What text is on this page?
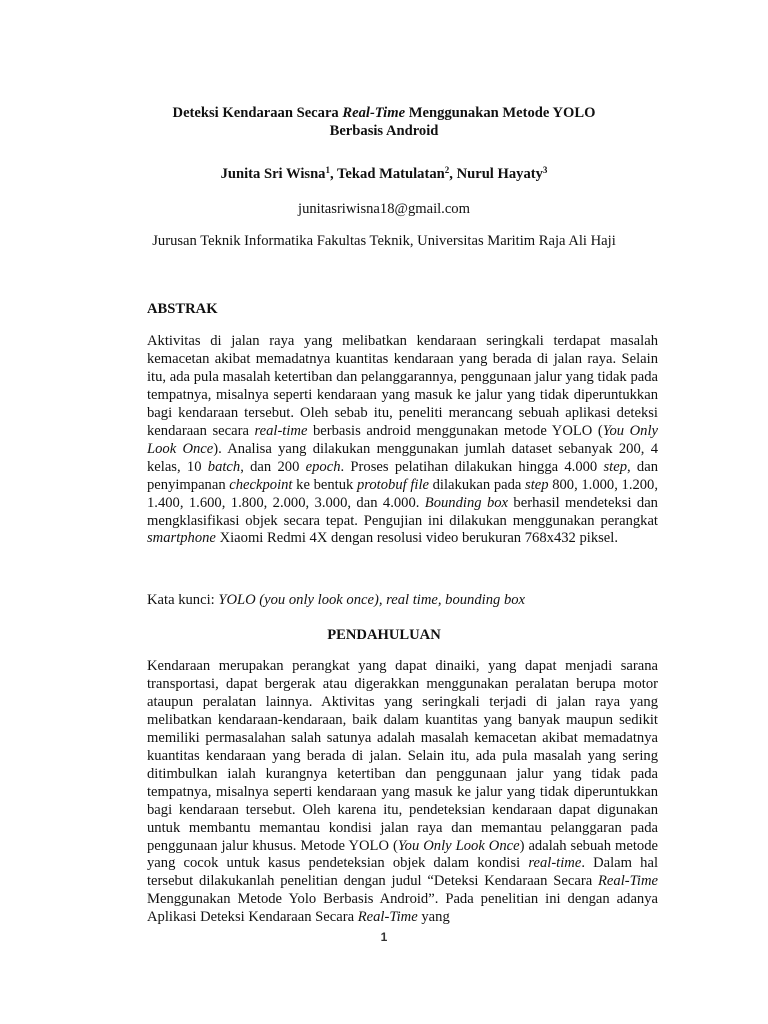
Deteksi Kendaraan Secara Real-Time Menggunakan Metode YOLO
Berbasis Android
Junita Sri Wisna$^1$, Tekad Matulatan$^2$, Nurul Hayaty$^3$
junitasriwisna18@gmail.com
Jurusan Teknik Informatika Fakultas Teknik, Universitas Maritim Raja Ali Haji
ABSTRAK
Aktivitas di jalan raya yang melibatkan kendaraan seringkali terdapat masalah kemacetan akibat memadatnya kuantitas kendaraan yang berada di jalan raya. Selain itu, ada pula masalah ketertiban dan pelanggarannya, penggunaan jalur yang tidak pada tempatnya, misalnya seperti kendaraan yang masuk ke jalur yang tidak diperuntukkan bagi kendaraan tersebut. Oleh sebab itu, peneliti merancang sebuah aplikasi deteksi kendaraan secara real-time berbasis android menggunakan metode YOLO (You Only Look Once). Analisa yang dilakukan menggunakan jumlah dataset sebanyak 200, 4 kelas, 10 batch, dan 200 epoch. Proses pelatihan dilakukan hingga 4.000 step, dan penyimpanan checkpoint ke bentuk protobuf file dilakukan pada step 800, 1.000, 1.200, 1.400, 1.600, 1.800, 2.000, 3.000, dan 4.000. Bounding box berhasil mendeteksi dan mengklasifikasi objek secara tepat. Pengujian ini dilakukan menggunakan perangkat smartphone Xiaomi Redmi 4X dengan resolusi video berukuran 768x432 piksel.
Kata kunci: YOLO (you only look once), real time, bounding box
PENDAHULUAN
Kendaraan merupakan perangkat yang dapat dinaiki, yang dapat menjadi sarana transportasi, dapat bergerak atau digerakkan menggunakan peralatan berupa motor ataupun peralatan lainnya. Aktivitas yang seringkali terjadi di jalan raya yang melibatkan kendaraan-kendaraan, baik dalam kuantitas yang banyak maupun sedikit memiliki permasalahan salah satunya adalah masalah kemacetan akibat memadatnya kuantitas kendaraan yang berada di jalan. Selain itu, ada pula masalah yang sering ditimbulkan ialah kurangnya ketertiban dan penggunaan jalur yang tidak pada tempatnya, misalnya seperti kendaraan yang masuk ke jalur yang tidak diperuntukkan bagi kendaraan tersebut. Oleh karena itu, pendeteksian kendaraan dapat digunakan untuk membantu memantau kondisi jalan raya dan memantau pelanggaran pada penggunaan jalur khusus. Metode YOLO (You Only Look Once) adalah sebuah metode yang cocok untuk kasus pendeteksian objek dalam kondisi real-time. Dalam hal tersebut dilakukanlah penelitian dengan judul “Deteksi Kendaraan Secara Real-Time Menggunakan Metode Yolo Berbasis Android”. Pada penelitian ini dengan adanya Aplikasi Deteksi Kendaraan Secara Real-Time yang
1
